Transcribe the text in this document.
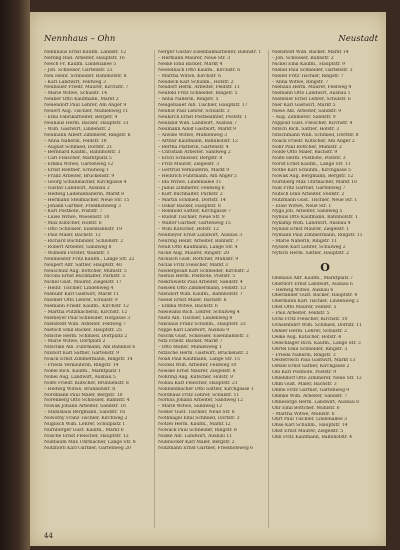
Nennhaus – Ohn	Neustadt
Nennhaus Ernst Kaufm. Landstr. 12
Nerling Rud. Arbeiter, Hauptstr. 16
Nesch Fr. Kaufm. Lindenallee 5
– Joh. Schlosser, Gartenstr. 23
Neu Heinr. Schneider, Bahnhofstr. 8
– Karl Landwirt, Feldweg 3
Neubauer Friedr. Maurer, Kirchstr. 7
– Marie Witwe, Schulstr. 14
Neuber Otto Kaufmann, Markt 2
Neuendorf Paul Lehrer, Am Anger 9
Neuert Aug. Tischler, Mühlenweg 11
– Emil Fabrikarbeiter, Bergstr. 4
Neuhaus Herm. Bäcker, Hauptstr. 31
– Wilh. Gastwirt, Lindenstr. 2
Neumann Albert Zimmerer, Ringstr. 6
– Anna Näherin, Feldstr. 18
– August Schmied, Dorfstr. 21
– Bernhard Kaufm., Bahnhofstr. 3
– Carl Fleischer, Marktplatz 5
– Emma Witwe, Gartenweg 12
– Ernst Rentner, Schulweg 1
– Franz Arbeiter, Brückenstr. 9
– Georg Schuhmacher, Kirchgasse 4
– Gustav Landwirt, Ausbau 2
– Hedwig Ladeninhaberin, Markt 8
– Hermann Stellmacher, Neue Str. 15
– Johann Gärtner, Friedhofsweg 3
– Karl Postbote, Poststr. 7
– Luise Witwe, Wiesenstr. 10
– Max Kutscher, Hofstr. 6
– Otto Schlosser, Eisenbahnstr. 19
– Paul Maler, Bachstr. 13
– Richard Buchbinder, Schloßstr. 2
– Robert Arbeiter, Sandweg 8
– Wilhelm Förster, Waldstr. 1
Neumeister Fritz Kaufm., Lange Str. 22
Neupert Alfr. Sattler, Hauptstr. 40
Neuschulz Aug. Böttcher, Mühlstr. 5
Nicolai Ernst Buchhalter, Parkstr. 3
Nickel Gust. Maurer, Ziegelstr. 17
– Heinr. Tischler, Lindenweg 4
Niebuhr Karl Gastwirt, Markt 11
Niedner Otto Lehrer, Schulstr. 9
Niemann Friedr. Kaufm., Kirchstr. 12
– Martha Putzmacherin, Kirchstr. 12
Niemeyer Paul Schneider, Hofgasse 3
Nienstedt Wilh. Arbeiter, Feldweg 7
Nietsch Emil Bäcker, Hauptstr. 25
Nitsche Herm. Schmied, Dorfplatz 2
– Marie Witwe, Dorfplatz 2
Nitschke Alb. Fuhrmann, Am Bahnhof 6
Nixdorf Karl Sattler, Gartenstr. 9
Noack Ernst Zimmermann, Ringstr. 14
– Frieda Verkäuferin, Ringstr. 14
Nobel Rich. Kaufm., Marktplatz 1
Nöbel Aug. Landwirt, Ausbau 5
Nolte Friedr. Kutscher, Brunnenstr. 8
– Hedwig Witwe, Brunnenstr. 8
Nordmann Paul Maler, Bergstr. 10
Nörenberg Otto Schlosser, Bahnstr. 4
Nowak Johann Arbeiter, Sandstr. 16
– Stanislaus Bergmann, Sandstr. 16
Nowotny Franz Tischler, Kirchweg 2
Nuglisch Wilh. Lehrer, Schulplatz 1
Nürnberger Gust. Kaufm., Markt 6
Nusche Ernst Fleischer, Hauptstr. 12
Nußbaum Max Uhrmacher, Lange Str. 8
Nutzhorn Karl Gärtner, Gartenweg 20
Nerger Gustav Eisenbahnarbeiter, Bahnstr. 1
– Hermann Maurer, Neue Str. 3
Neske Emil Bäcker, Markt 4
Nesselbach Otto Kaufm., Kirchstr. 6
– Martha Witwe, Kirchstr. 6
Neudeck Karl Schuhm., Hofstr. 2
Neudorf Herm. Arbeiter, Feldstr. 11
Neufeld Fritz Schneider, Ringstr. 5
– Anna Näherin, Ringstr. 5
Neugebauer Alb. Tischler, Hauptstr. 17
Neuhof Paul Lehrer, Schulstr. 3
Neukirch Ernst Postbeamter, Poststr. 1
Neuland Wilh. Landwirt, Ausbau 7
Neumann Adolf Gastwirt, Markt 9
– Alwine Witwe, Mühlenweg 3
– Arthur Kaufmann, Bahnhofstr. 12
– Bertha Plätterin, Gartenstr. 4
– Christian Arbeiter, Sandweg 2
– Erich Schlosser, Bergstr. 8
– Fritz Maurer, Ziegelstr. 3
– Gertrud Verkäuferin, Markt 9
– Heinrich Fuhrmann, Am Anger 5
– Ida Witwe, Lindenallee 11
– Julius Zimmerer, Feldweg 6
– Kurt Buchhalter, Parkstr. 2
– Martin Schmied, Dorfstr. 14
– Oskar Bäcker, Hauptstr. 8
– Reinhold Sattler, Kirchgasse 7
– Rudolf Tischler, Neue Str. 9
– Walter Gärtner, Gartenweg 15
– Willi Kutscher, Hofstr. 12
Neumeyer Ernst Landwirt, Ausbau 3
Neuring Heinr. Arbeiter, Bahnstr. 7
Neuß Otto Kaufmann, Lange Str. 4
Nicke Aug. Maurer, Ringstr. 20
Nickisch Gust. Böttcher, Mühlstr. 9
Niclas Fritz Fleischer, Markt 3
Niedergesäß Karl Schneider, Kirchstr. 2
Niehus Herm. Postbote, Poststr. 5
Niekrawietz Paul Arbeiter, Sandstr. 4
Nielsen Otto Zimmermann, Feldstr. 13
Niendorf Wilh. Kaufm., Bahnhofstr. 7
Niesel Ernst Maler, Bachstr. 6
– Emma Witwe, Bachstr. 6
Nieswand Rich. Lehrer, Schulweg 4
Nietz Alb. Tischler, Lindenweg 8
Nikolaus Franz Schuhm., Hauptstr. 33
Nippe Karl Landwirt, Ausbau 9
Nischk Gust. Schlosser, Eisenbahnstr. 3
Nitz Friedr. Bäcker, Markt 7
– Otto Müller, Mühlenweg 1
Nitzsche Herm. Gastwirt, Brückenstr. 2
Noah Paul Kaufmann, Lange Str. 15
Nöckel Wilh. Arbeiter, Feldweg 10
Noeske Ernst Maurer, Ziegelstr. 8
Nöhring Aug. Kutscher, Hofstr. 9
Nollau Karl Fleischer, Hauptstr. 21
Nonnenmacher Otto Sattler, Kirchgasse 1
Nordhaus Fritz Lehrer, Schulstr. 11
Norkus Johann Arbeiter, Sandweg 12
– Marie Witwe, Sandweg 12
Nösler Gust. Tischler, Neue Str. 6
Nothnagel Emil Schmied, Dorfstr. 3
Nötzel Herm. Kaufm., Markt 12
Nowack Paul Schneider, Ringstr. 8
Nüske Alb. Landwirt, Ausbau 11
Nußbücker Karl Maler, Bergstr. 2
Nützmann Ernst Gärtner, Friedhofsweg 6
Nienstedt Wilh. Bäcker, Markt 14
– Joh. Schlosser, Bahnstr. 2
Nickel Emil Kaufm., Hauptstr. 9
Niebel Paul Schneider, Gartenstr. 3
Niedel Fritz Tischler, Ringstr. 7
– Anna Witwe, Ringstr. 7
Niehaus Herm. Maurer, Feldweg 4
Niemann Otto Landwirt, Ausbau 1
Niemeier Ernst Lehrer, Schulstr. 6
Nier Karl Gastwirt, Markt 5
Niese Alb. Arbeiter, Sandstr. 9
– Aug. Zimmerer, Sandstr. 9
Nippold Gust. Fleischer, Kirchstr. 4
Nitsch Rich. Sattler, Hofstr. 3
Nitschmann Wilh. Schmied, Dorfstr. 8
Noack Friedr. Kutscher, Am Anger 2
Nöhr Paul Böttcher, Mühlstr. 2
Nolde Otto Maler, Bachstr. 9
Nolte Herm. Postbote, Poststr. 3
Nordt Ernst Kaufm., Lange Str. 11
Nothe Karl Schuhm., Kirchgasse 5
Nowak Aug. Bergmann, Bergstr. 12
Nürnberg Max Uhrmacher, Markt 10
Nuß Fritz Gärtner, Gartenweg 7
Nutsch Emil Arbeiter, Feldstr. 2
Nutzmann Gust. Tischler, Neue Str. 1
– Elise Witwe, Neue Str. 1
Nyga Joh. Arbeiter, Sandweg 5
Nyhuis Otto Kaufmann, Bahnhofstr. 1
Nykamp Wilh. Landwirt, Ausbau 4
Nylund Ernst Maurer, Ziegelstr. 1
Nymann Paul Zimmermann, Ringstr. 11
– Marie Näherin, Ringstr. 11
Nyssen Karl Lehrer, Schulweg 2
Nytsch Herm. Sattler, Hauptstr. 2
O
Obenaus Alfr. Kaufm., Marktplatz 7
Oberdorf Ernst Landwirt, Ausbau 6
– Hedwig Witwe, Ausbau 6
Oberländer Gust. Bäcker, Hauptstr. 4
Obermann Karl Tischler, Lindenweg 2
Obst Otto Maurer, Feldstr. 5
– Paul Arbeiter, Feldstr. 5
Ochs Fritz Fleischer, Kirchstr. 10
Ochsenfahrt Wilh. Schmied, Dorfstr. 11
Oehler Herm. Lehrer, Schulstr. 2
Oelke Aug. Kutscher, Hofstr. 4
Oelschläger Rich. Kaufm., Lange Str. 3
Oertel Emil Schneider, Ringstr. 3
– Frieda Näherin, Ringstr. 3
Oesterreich Paul Gastwirt, Markt 13
Oetzel Ernst Sattler, Kirchgasse 2
Ohl Karl Postbote, Poststr. 9
Ohlendorf Otto Zimmerer, Neue Str. 12
Ohm Gust. Maler, Bachstr. 3
Ohme Fritz Gärtner, Gartenweg 9
Ohmke Wilh. Arbeiter, Sandstr. 7
Ohnesorge Herm. Landwirt, Ausbau 8
Ohr Emil Böttcher, Mühlstr. 6
– Martha Witwe, Mühlstr. 6
Ohrt Paul Tischler, Lindenallee 3
Ohse Karl Schuhm., Hauptstr. 14
Ohst Ernst Maurer, Ziegelstr. 5
Ohn Fritz Kaufmann, Bahnhofstr. 4
44
